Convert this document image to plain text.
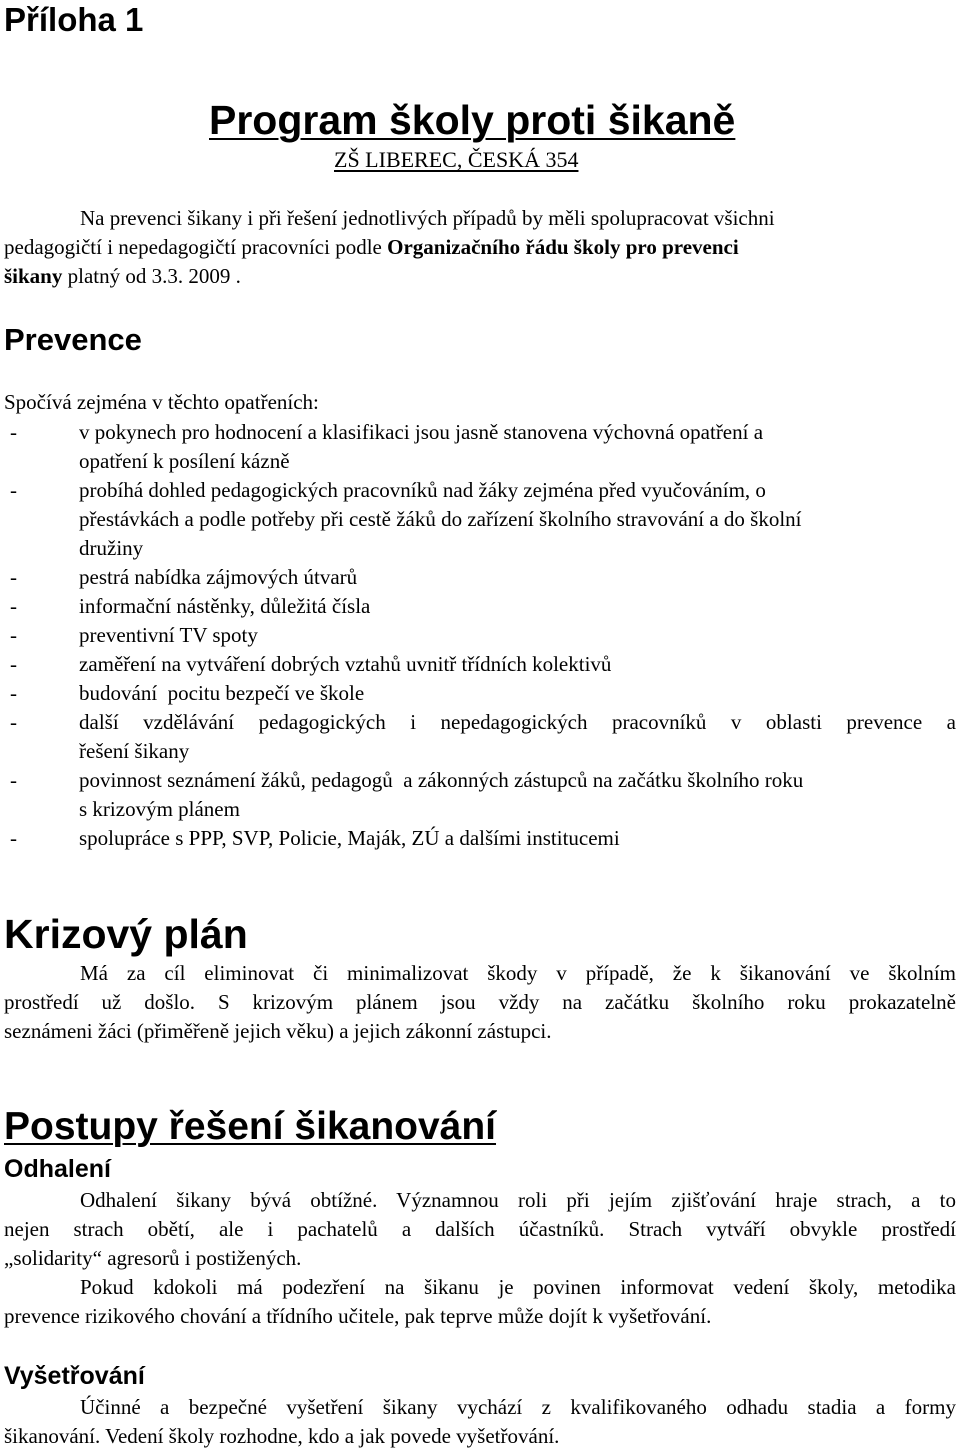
Příloha 1
Program školy proti šikaně
ZŠ LIBEREC, ČESKÁ 354
Na prevenci šikany i při řešení jednotlivých případů by měli spolupracovat všichni
pedagogičtí i nepedagogičtí pracovníci podle Organizačního řádu školy pro prevenci
šikany platný od 3.3. 2009 .
Prevence
Spočívá zejména v těchto opatřeních:
-	v pokynech pro hodnocení a klasifikaci jsou jasně stanovena výchovná opatření a
opatření k posílení kázně
-	probíhá dohled pedagogických pracovníků nad žáky zejména před vyučováním, o
přestávkách a podle potřeby při cestě žáků do zařízení školního stravování a do školní
družiny
-	pestrá nabídka zájmových útvarů
-	informační nástěnky, důležitá čísla
-	preventivní TV spoty
-	zaměření na vytváření dobrých vztahů uvnitř třídních kolektivů
-	budování  pocitu bezpečí ve škole
-	další vzdělávání pedagogických i nepedagogických pracovníků v oblasti prevence a
řešení šikany
-	povinnost seznámení žáků, pedagogů  a zákonných zástupců na začátku školního roku
s krizovým plánem
-	spolupráce s PPP, SVP, Policie, Maják, ZÚ a dalšími institucemi
Krizový plán
Má za cíl eliminovat či minimalizovat škody v případě, že k šikanování ve školním
prostředí už došlo. S krizovým plánem jsou vždy na začátku školního roku prokazatelně
seznámeni žáci (přiměřeně jejich věku) a jejich zákonní zástupci.
Postupy řešení šikanování
Odhalení
Odhalení šikany bývá obtížné. Významnou roli při jejím zjišťování hraje strach, a to
nejen strach obětí, ale i pachatelů a dalších účastníků. Strach vytváří obvykle prostředí
„solidarity“ agresorů i postižených.
Pokud kdokoli má podezření na šikanu je povinen informovat vedení školy, metodika
prevence rizikového chování a třídního učitele, pak teprve může dojít k vyšetřování.
Vyšetřování
Účinné a bezpečné vyšetření šikany vychází z kvalifikovaného odhadu stadia a formy
šikanování. Vedení školy rozhodne, kdo a jak povede vyšetřování.
